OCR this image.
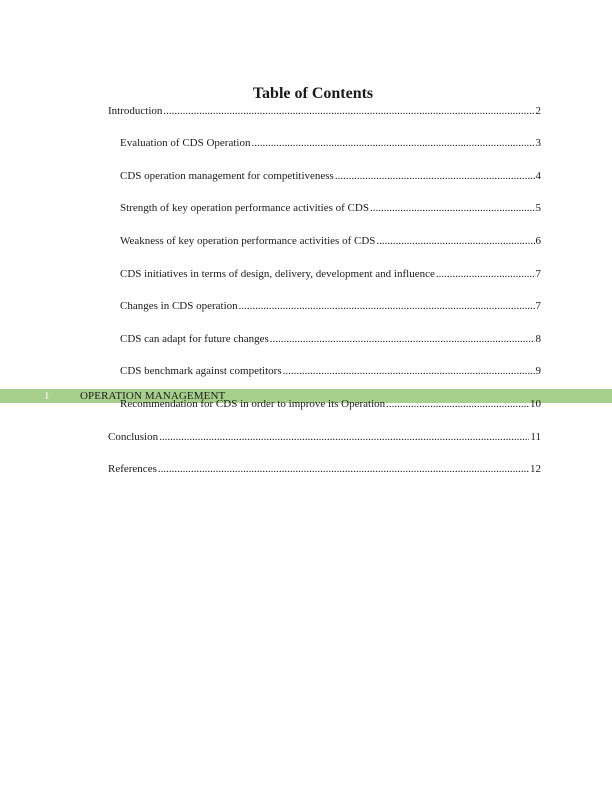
Table of Contents
Introduction .....	2
Evaluation of CDS Operation .....	3
CDS operation management for competitiveness .....	4
Strength of key operation performance activities of CDS .....	5
Weakness of key operation performance activities of CDS .....	6
CDS initiatives in terms of design, delivery, development and influence .....	7
Changes in CDS operation .....	7
CDS can adapt for future changes .....	8
CDS benchmark against competitors .....	9
1	OPERATION MANAGEMENT
Recommendation for CDS in order to improve its Operation .....	10
Conclusion .....	11
References .....	12
